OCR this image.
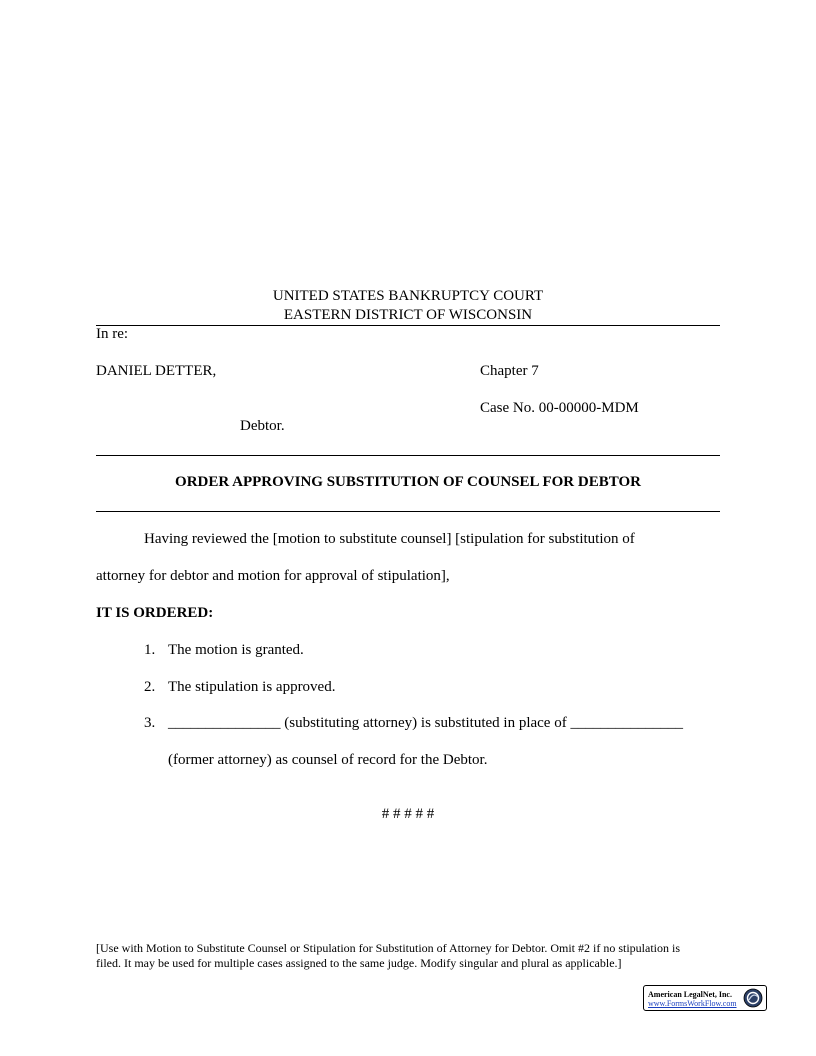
UNITED STATES BANKRUPTCY COURT
EASTERN DISTRICT OF WISCONSIN
In re:
DANIEL DETTER,	Chapter 7
Case No. 00-00000-MDM
Debtor.
ORDER APPROVING SUBSTITUTION OF COUNSEL FOR DEBTOR
Having reviewed the [motion to substitute counsel] [stipulation for substitution of
attorney for debtor and motion for approval of stipulation],
IT IS ORDERED:
1. The motion is granted.
2. The stipulation is approved.
3. _______________ (substituting attorney) is substituted in place of _______________
(former attorney) as counsel of record for the Debtor.
# # # # #
[Use with Motion to Substitute Counsel or Stipulation for Substitution of Attorney for Debtor. Omit #2 if no stipulation is filed. It may be used for multiple cases assigned to the same judge. Modify singular and plural as applicable.]
American LegalNet, Inc.
www.FormsWorkFlow.com
